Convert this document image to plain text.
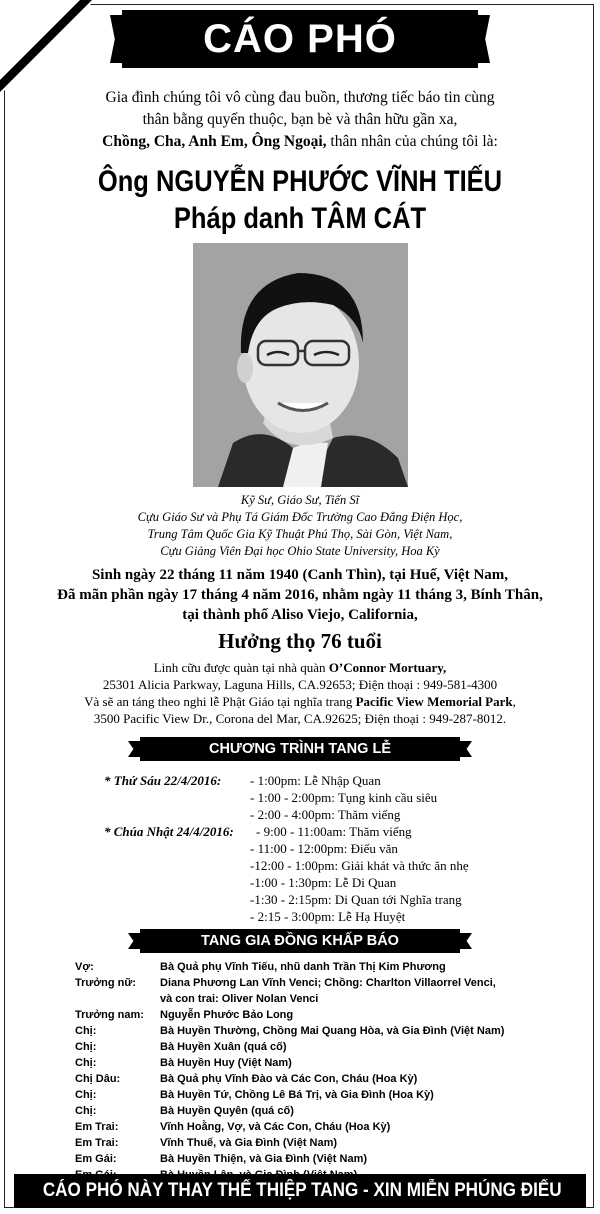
CÁO PHÓ
Gia đình chúng tôi vô cùng đau buồn, thương tiếc báo tin cùng
thân bằng quyến thuộc, bạn bè và thân hữu gần xa,
Chồng, Cha, Anh Em, Ông Ngoại, thân nhân của chúng tôi là:
Ông NGUYỄN PHƯỚC VĨNH TIẾU
Pháp danh TÂM CÁT
Kỹ Sư, Giáo Sư, Tiến Sĩ
Cựu Giáo Sư và Phụ Tá Giám Đốc Trường Cao Đẳng Điện Học,
Trung Tâm Quốc Gia Kỹ Thuật Phú Thọ, Sài Gòn, Việt Nam,
Cựu Giảng Viên Đại học Ohio State University, Hoa Kỳ
Sinh ngày 22 tháng 11 năm 1940 (Canh Thìn), tại Huế, Việt Nam,
Đã mãn phần ngày 17 tháng 4 năm 2016, nhằm ngày 11 tháng 3, Bính Thân,
tại thành phố Aliso Viejo, California,
Hưởng thọ 76 tuổi
Linh cữu được quàn tại nhà quàn O’Connor Mortuary,
25301 Alicia Parkway, Laguna Hills, CA.92653; Điện thoại : 949-581-4300
Và sẽ an táng theo nghi lễ Phật Giáo tại nghĩa trang Pacific View Memorial Park,
3500 Pacific View Dr., Corona del Mar, CA.92625; Điện thoại : 949-287-8012.
CHƯƠNG TRÌNH TANG LỄ
* Thứ Sáu 22/4/2016: - 1:00pm: Lễ Nhập Quan
- 1:00 - 2:00pm: Tụng kinh cầu siêu
- 2:00 - 4:00pm: Thăm viếng
* Chúa Nhật 24/4/2016: - 9:00 - 11:00am: Thăm viếng
- 11:00 - 12:00pm: Điếu văn
-12:00 - 1:00pm: Giải khát và thức ăn nhẹ
-1:00 - 1:30pm: Lễ Di Quan
-1:30 - 2:15pm: Di Quan tới Nghĩa trang
- 2:15 - 3:00pm: Lễ Hạ Huyệt
TANG GIA ĐỒNG KHẤP BÁO
Vợ:	Bà Quả phụ Vĩnh Tiếu, nhũ danh Trần Thị Kim Phương
Trưởng nữ: Diana Phương Lan Vĩnh Venci; Chồng: Charlton Villaorrel Venci,
và con trai: Oliver Nolan Venci
Trưởng nam: Nguyễn Phước Bảo Long
Chị:	Bà Huyền Thường, Chồng Mai Quang Hòa, và Gia Đình (Việt Nam)
Chị:	Bà Huyền Xuân (quá cố)
Chị:	Bà Huyền Huy (Việt Nam)
Chị Dâu:	Bà Quả phụ Vĩnh Đào và Các Con, Cháu (Hoa Kỳ)
Chị:	Bà Huyền Tứ, Chồng Lê Bá Trị, và Gia Đình (Hoa Kỳ)
Chị:	Bà Huyền Quyên (quá cố)
Em Trai:	Vĩnh Hoằng, Vợ, và Các Con, Cháu (Hoa Kỳ)
Em Trai:	Vĩnh Thuế, và Gia Đình (Việt Nam)
Em Gái:	Bà Huyền Thiện, và Gia Đình (Việt Nam)
CÁO PHÓ NÀY THAY THẾ THIỆP TANG - XIN MIỄN PHÚNG ĐIẾU
